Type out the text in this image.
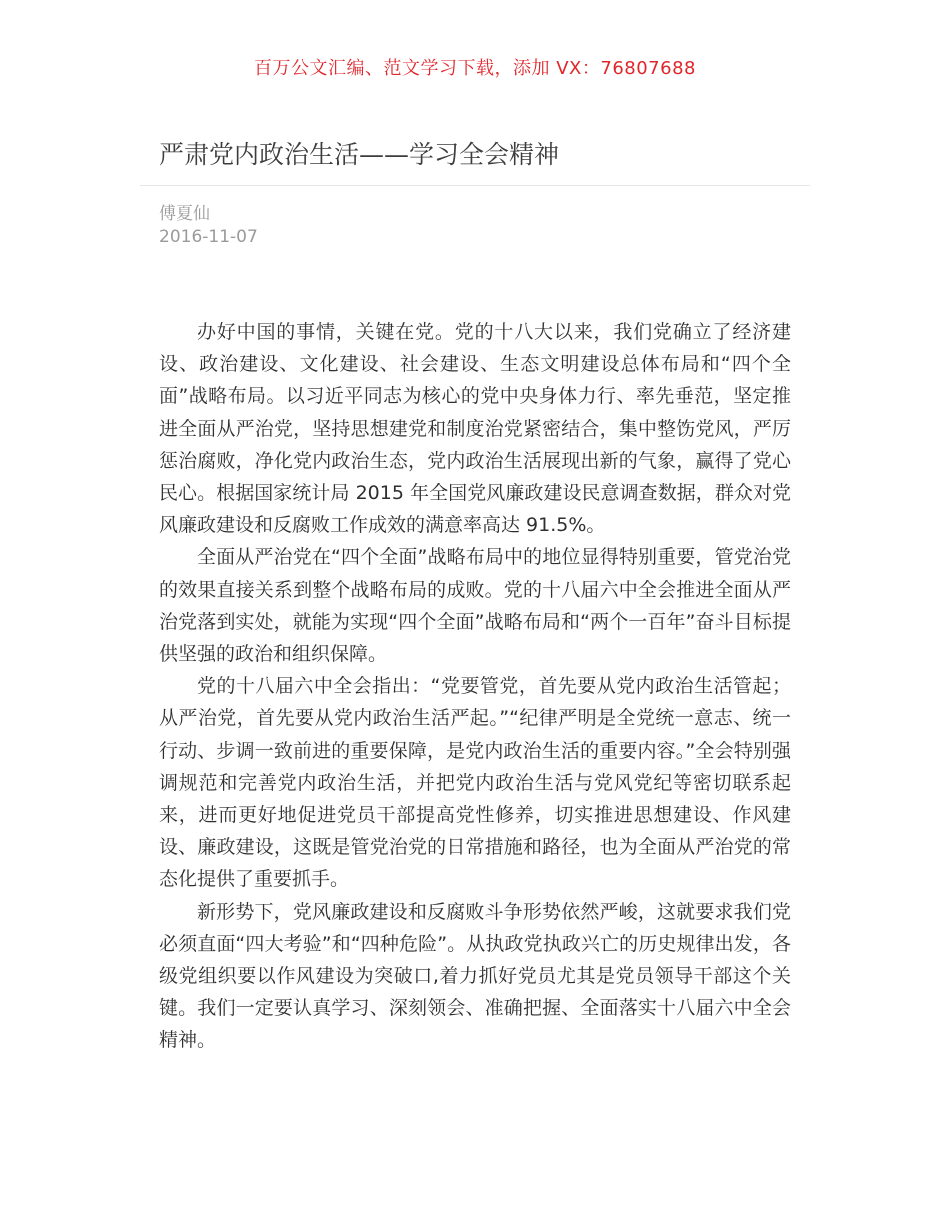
百万公文汇编、范文学习下载，添加 VX：76807688
严肃党内政治生活——学习全会精神
傅夏仙
2016-11-07

办好中国的事情，关键在党。党的十八大以来，我们党确立了经济建设、政治建设、文化建设、社会建设、生态文明建设总体布局和“四个全面”战略布局。以习近平同志为核心的党中央身体力行、率先垂范，坚定推进全面从严治党，坚持思想建党和制度治党紧密结合，集中整饬党风，严厉惩治腐败，净化党内政治生态，党内政治生活展现出新的气象，赢得了党心民心。根据国家统计局 2015 年全国党风廉政建设民意调查数据，群众对党风廉政建设和反腐败工作成效的满意率高达 91.5%。

全面从严治党在“四个全面”战略布局中的地位显得特别重要，管党治党的效果直接关系到整个战略布局的成败。党的十八届六中全会推进全面从严治党落到实处，就能为实现“四个全面”战略布局和“两个一百年”奋斗目标提供坚强的政治和组织保障。

党的十八届六中全会指出：“党要管党，首先要从党内政治生活管起；从严治党，首先要从党内政治生活严起。”“纪律严明是全党统一意志、统一行动、步调一致前进的重要保障，是党内政治生活的重要内容。”全会特别强调规范和完善党内政治生活，并把党内政治生活与党风党纪等密切联系起来，进而更好地促进党员干部提高党性修养，切实推进思想建设、作风建设、廉政建设，这既是管党治党的日常措施和路径，也为全面从严治党的常态化提供了重要抓手。

新形势下，党风廉政建设和反腐败斗争形势依然严峻，这就要求我们党必须直面“四大考验”和“四种危险”。从执政党执政兴亡的历史规律出发，各级党组织要以作风建设为突破口,着力抓好党员尤其是党员领导干部这个关键。我们一定要认真学习、深刻领会、准确把握、全面落实十八届六中全会精神。
